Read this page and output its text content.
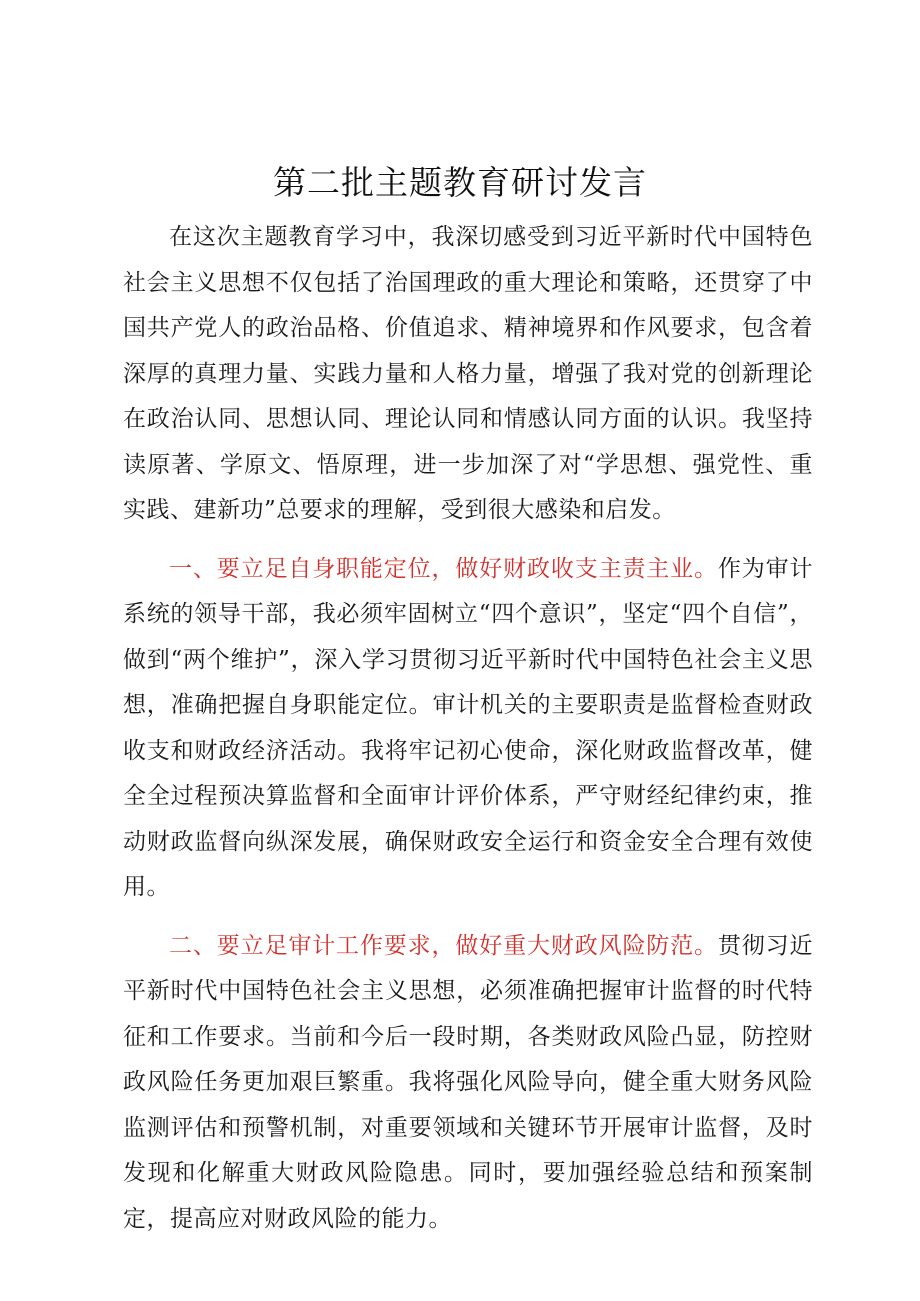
第二批主题教育研讨发言

在这次主题教育学习中，我深切感受到习近平新时代中国特色社会主义思想不仅包括了治国理政的重大理论和策略，还贯穿了中国共产党人的政治品格、价值追求、精神境界和作风要求，包含着深厚的真理力量、实践力量和人格力量，增强了我对党的创新理论在政治认同、思想认同、理论认同和情感认同方面的认识。我坚持读原著、学原文、悟原理，进一步加深了对“学思想、强党性、重实践、建新功”总要求的理解，受到很大感染和启发。

一、要立足自身职能定位，做好财政收支主责主业。作为审计系统的领导干部，我必须牢固树立“四个意识”，坚定“四个自信”，做到“两个维护”，深入学习贯彻习近平新时代中国特色社会主义思想，准确把握自身职能定位。审计机关的主要职责是监督检查财政收支和财政经济活动。我将牢记初心使命，深化财政监督改革，健全全过程预决算监督和全面审计评价体系，严守财经纪律约束，推动财政监督向纵深发展，确保财政安全运行和资金安全合理有效使用。

二、要立足审计工作要求，做好重大财政风险防范。贯彻习近平新时代中国特色社会主义思想，必须准确把握审计监督的时代特征和工作要求。当前和今后一段时期，各类财政风险凸显，防控财政风险任务更加艰巨繁重。我将强化风险导向，健全重大财务风险监测评估和预警机制，对重要领域和关键环节开展审计监督，及时发现和化解重大财政风险隐患。同时，要加强经验总结和预案制定，提高应对财政风险的能力。
